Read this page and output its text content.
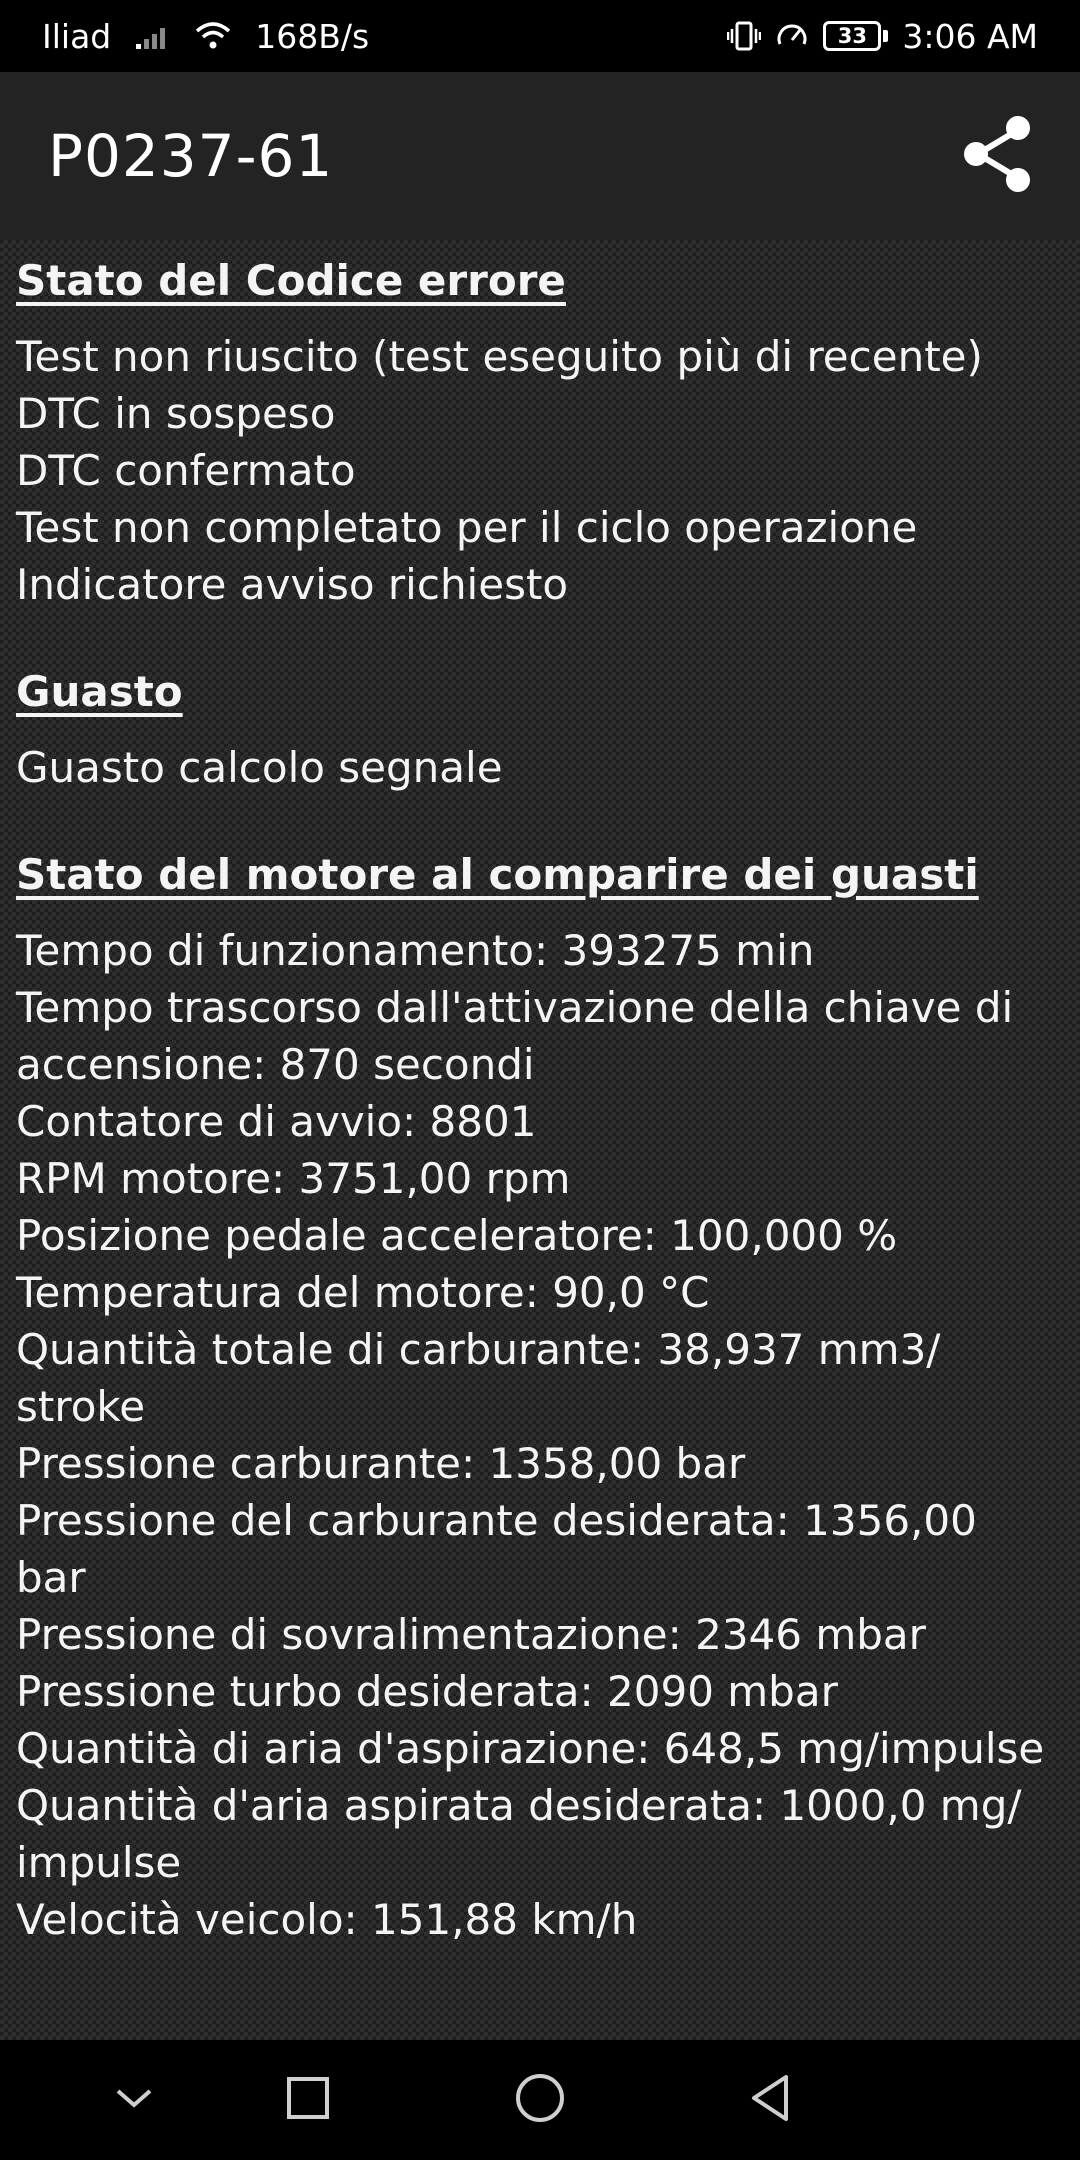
Iliad	168B/s	33	3:06 AM
P0237-61
Stato del Codice errore
Test non riuscito (test eseguito più di recente)
DTC in sospeso
DTC confermato
Test non completato per il ciclo operazione
Indicatore avviso richiesto
Guasto
Guasto calcolo segnale
Stato del motore al comparire dei guasti
Tempo di funzionamento: 393275 min
Tempo trascorso dall'attivazione della chiave di
accensione: 870 secondi
Contatore di avvio: 8801
RPM motore: 3751,00 rpm
Posizione pedale acceleratore: 100,000 %
Temperatura del motore: 90,0 °C
Quantità totale di carburante: 38,937 mm3/
stroke
Pressione carburante: 1358,00 bar
Pressione del carburante desiderata: 1356,00
bar
Pressione di sovralimentazione: 2346 mbar
Pressione turbo desiderata: 2090 mbar
Quantità di aria d'aspirazione: 648,5 mg/impulse
Quantità d'aria aspirata desiderata: 1000,0 mg/
impulse
Velocità veicolo: 151,88 km/h
